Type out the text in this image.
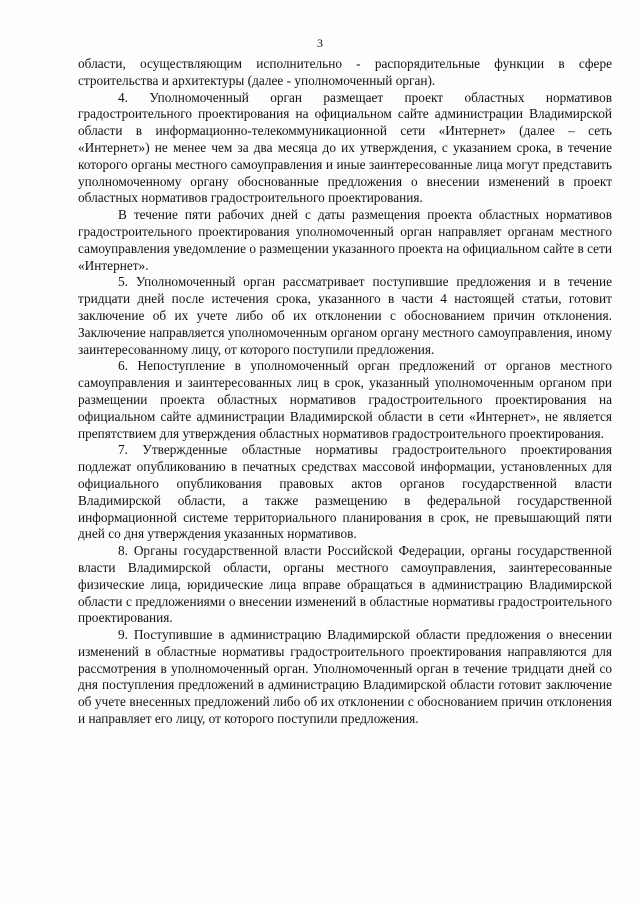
3

области, осуществляющим исполнительно - распорядительные функции в сфере строительства и архитектуры (далее - уполномоченный орган).

4. Уполномоченный орган размещает проект областных нормативов градостроительного проектирования на официальном сайте администрации Владимирской области в информационно-телекоммуникационной сети «Интернет» (далее – сеть «Интернет») не менее чем за два месяца до их утверждения, с указанием срока, в течение которого органы местного самоуправления и иные заинтересованные лица могут представить уполномоченному органу обоснованные предложения о внесении изменений в проект областных нормативов градостроительного проектирования.

В течение пяти рабочих дней с даты размещения проекта областных нормативов градостроительного проектирования уполномоченный орган направляет органам местного самоуправления уведомление о размещении указанного проекта на официальном сайте в сети «Интернет».

5. Уполномоченный орган рассматривает поступившие предложения и в течение тридцати дней после истечения срока, указанного в части 4 настоящей статьи, готовит заключение об их учете либо об их отклонении с обоснованием причин отклонения. Заключение направляется уполномоченным органом органу местного самоуправления, иному заинтересованному лицу, от которого поступили предложения.

6. Непоступление в уполномоченный орган предложений от органов местного самоуправления и заинтересованных лиц в срок, указанный уполномоченным органом при размещении проекта областных нормативов градостроительного проектирования на официальном сайте администрации Владимирской области в сети «Интернет», не является препятствием для утверждения областных нормативов градостроительного проектирования.

7. Утвержденные областные нормативы градостроительного проектирования подлежат опубликованию в печатных средствах массовой информации, установленных для официального опубликования правовых актов органов государственной власти Владимирской области, а также размещению в федеральной государственной информационной системе территориального планирования в срок, не превышающий пяти дней со дня утверждения указанных нормативов.

8. Органы государственной власти Российской Федерации, органы государственной власти Владимирской области, органы местного самоуправления, заинтересованные физические лица, юридические лица вправе обращаться в администрацию Владимирской области с предложениями о внесении изменений в областные нормативы градостроительного проектирования.

9. Поступившие в администрацию Владимирской области предложения о внесении изменений в областные нормативы градостроительного проектирования направляются для рассмотрения в уполномоченный орган. Уполномоченный орган в течение тридцати дней со дня поступления предложений в администрацию Владимирской области готовит заключение об учете внесенных предложений либо об их отклонении с обоснованием причин отклонения и направляет его лицу, от которого поступили предложения.
